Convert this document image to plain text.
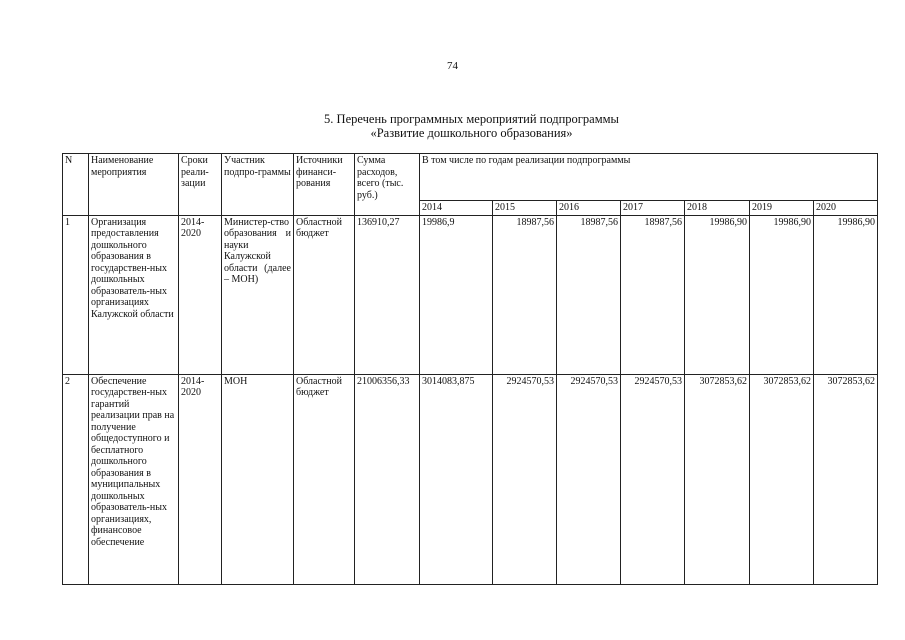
74
5. Перечень программных мероприятий подпрограммы
«Развитие дошкольного образования»
N	Наименование мероприятия	Сроки реали-зации	Участник подпро-граммы	Источники финанси-рования	Сумма расходов, всего (тыс. руб.)	В том числе по годам реализации подпрограммы						
						2014	2015	2016	2017	2018	2019	2020
1	Организация предоставления дошкольного образования в государствен-ных дошкольных образователь-ных организациях Калужской области	2014-2020	Министер-ство образования и науки Калужской области (далее – МОН)	Областной бюджет	136910,27	19986,9	18987,56	18987,56	18987,56	19986,90	19986,90	19986,90
2	Обеспечение государствен-ных гарантий реализации прав на получение общедоступного и бесплатного дошкольного образования в муниципальных дошкольных образователь-ных организациях, финансовое обеспечение	2014-2020	МОН	Областной бюджет	21006356,33	3014083,875	2924570,53	2924570,53	2924570,53	3072853,62	3072853,62	3072853,62
